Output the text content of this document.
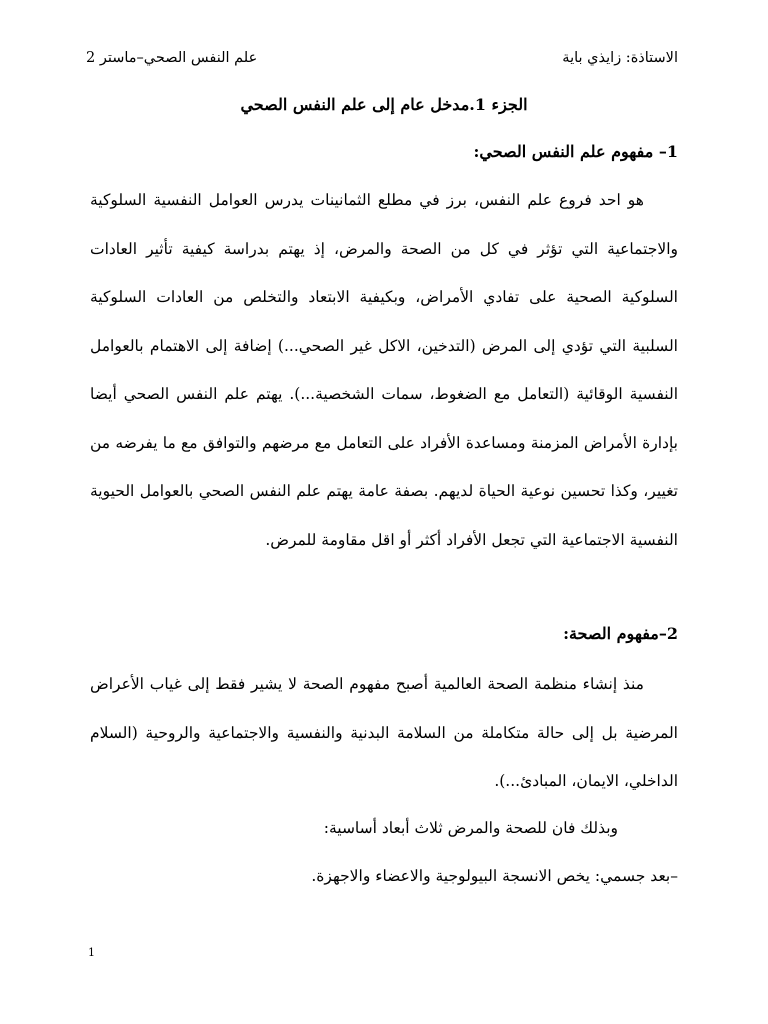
الاستاذة: زايذي باية
علم النفس الصحي–ماستر 2
الجزء 1.مدخل عام إلى علم النفس الصحي
1– مفهوم علم النفس الصحي:
هو احد فروع علم النفس، برز في مطلع الثمانينات يدرس العوامل النفسية السلوكية والاجتماعية التي تؤثر في كل من الصحة والمرض، إذ يهتم بدراسة كيفية تأثير العادات السلوكية الصحية على تفادي الأمراض، وبكيفية الابتعاد والتخلص من العادات السلوكية السلبية التي تؤدي إلى المرض (التدخين، الاكل غير الصحي...) إضافة إلى الاهتمام بالعوامل النفسية الوقائية (التعامل مع الضغوط، سمات الشخصية...). يهتم علم النفس الصحي أيضا بإدارة الأمراض المزمنة ومساعدة الأفراد على التعامل مع مرضهم والتوافق مع ما يفرضه من تغيير، وكذا تحسين نوعية الحياة لديهم. بصفة عامة يهتم علم النفس الصحي بالعوامل الحيوية النفسية الاجتماعية التي تجعل الأفراد أكثر أو اقل مقاومة للمرض.
2–مفهوم الصحة:
منذ إنشاء منظمة الصحة العالمية أصبح مفهوم الصحة لا يشير فقط إلى غياب الأعراض المرضية بل إلى حالة متكاملة من السلامة البدنية والنفسية والاجتماعية والروحية (السلام الداخلي، الايمان، المبادئ...).
وبذلك فان للصحة والمرض ثلاث أبعاد أساسية:
–بعد جسمي: يخص الانسجة البيولوجية والاعضاء والاجهزة.
1
